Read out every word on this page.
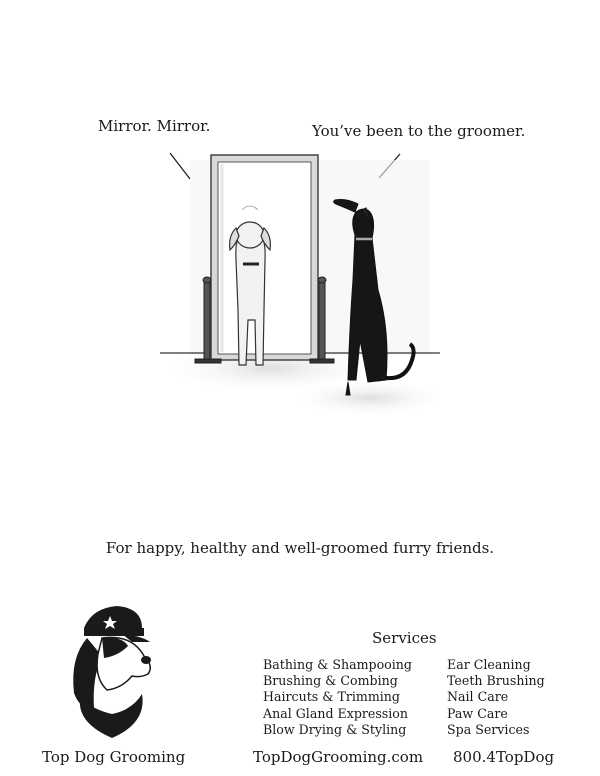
Mirror. Mirror.	You’ve been to the groomer.
For happy, healthy and well-groomed furry friends.
Services
Bathing & Shampooing
Brushing & Combing
Haircuts & Trimming
Anal Gland Expression
Blow Drying & Styling
Ear Cleaning
Teeth Brushing
Nail Care
Paw Care
Spa Services
Top Dog Grooming	TopDogGrooming.com 800.4TopDog
